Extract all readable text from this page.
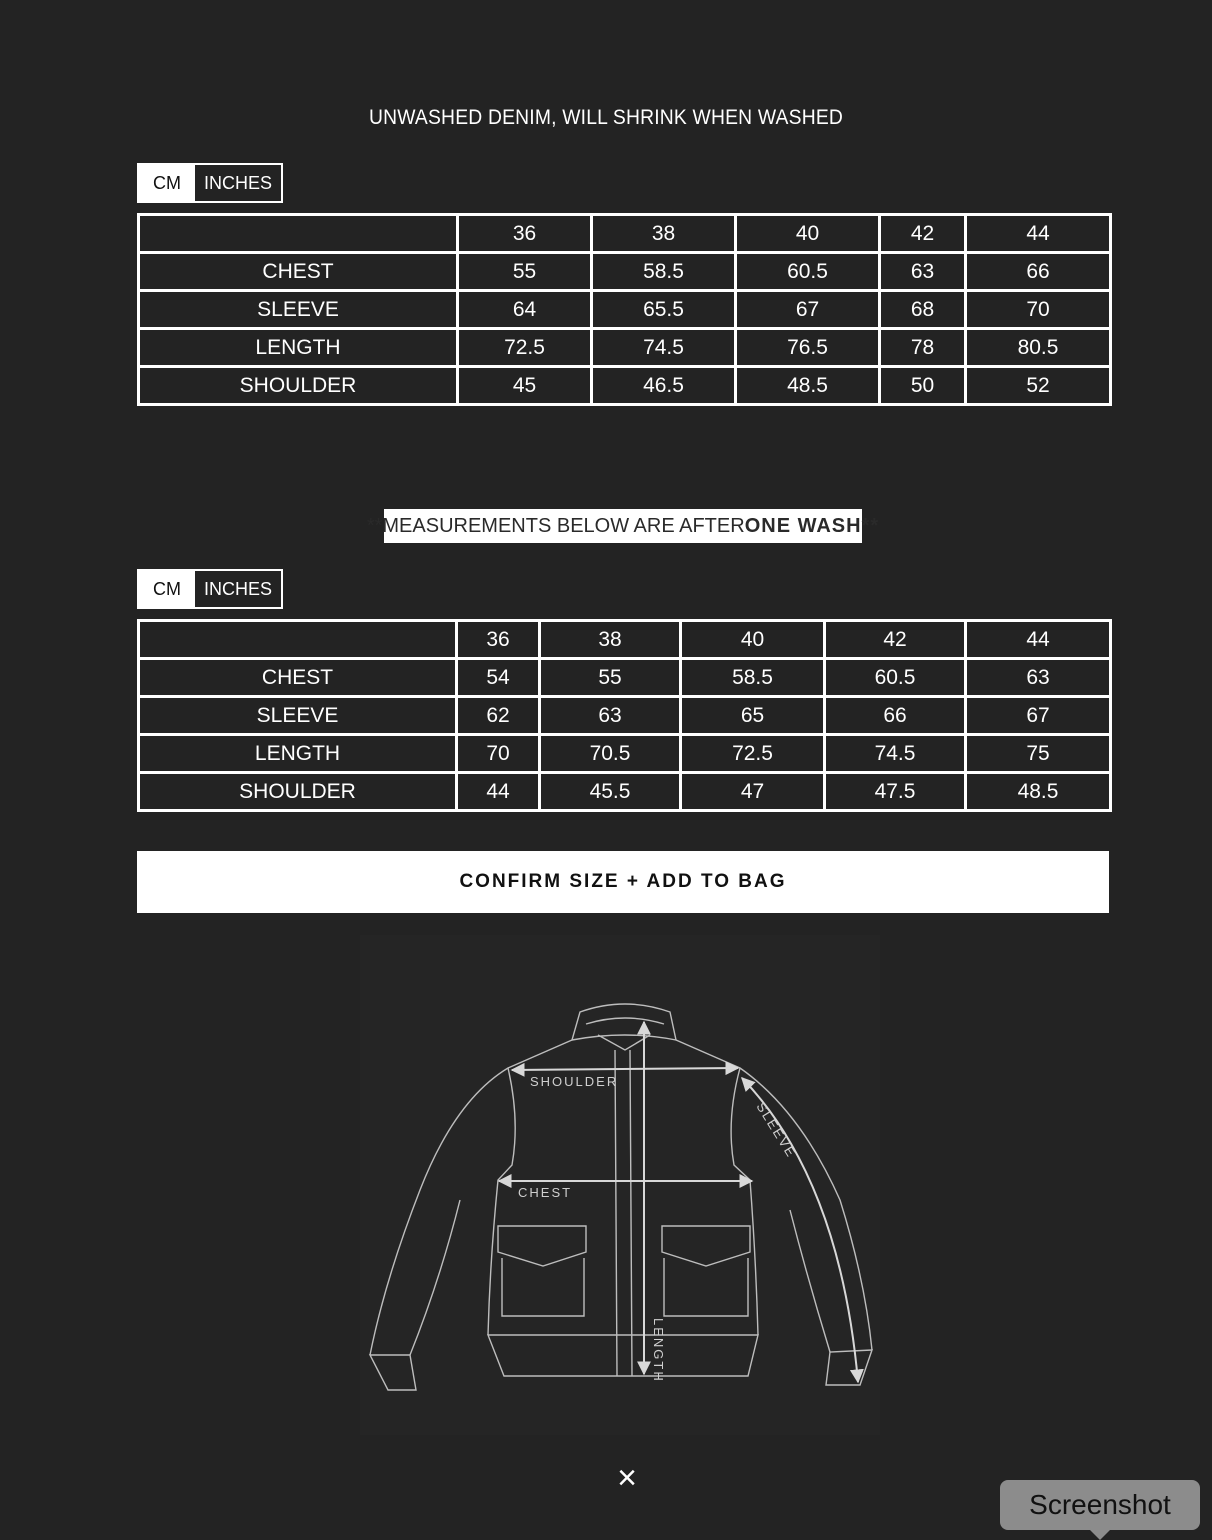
UNWASHED DENIM, WILL SHRINK WHEN WASHED
CM	INCHES
	36	38	40	42	44
CHEST	55	58.5	60.5	63	66
SLEEVE	64	65.5	67	68	70
LENGTH	72.5	74.5	76.5	78	80.5
SHOULDER	45	46.5	48.5	50	52
**MEASUREMENTS BELOW ARE AFTER ONE WASH **
CM	INCHES
	36	38	40	42	44
CHEST	54	55	58.5	60.5	63
SLEEVE	62	63	65	66	67
LENGTH	70	70.5	72.5	74.5	75
SHOULDER	44	45.5	47	47.5	48.5
CONFIRM SIZE + ADD TO BAG
SHOULDER
CHEST
SLEEVE
LENGTH
×
Screenshot
